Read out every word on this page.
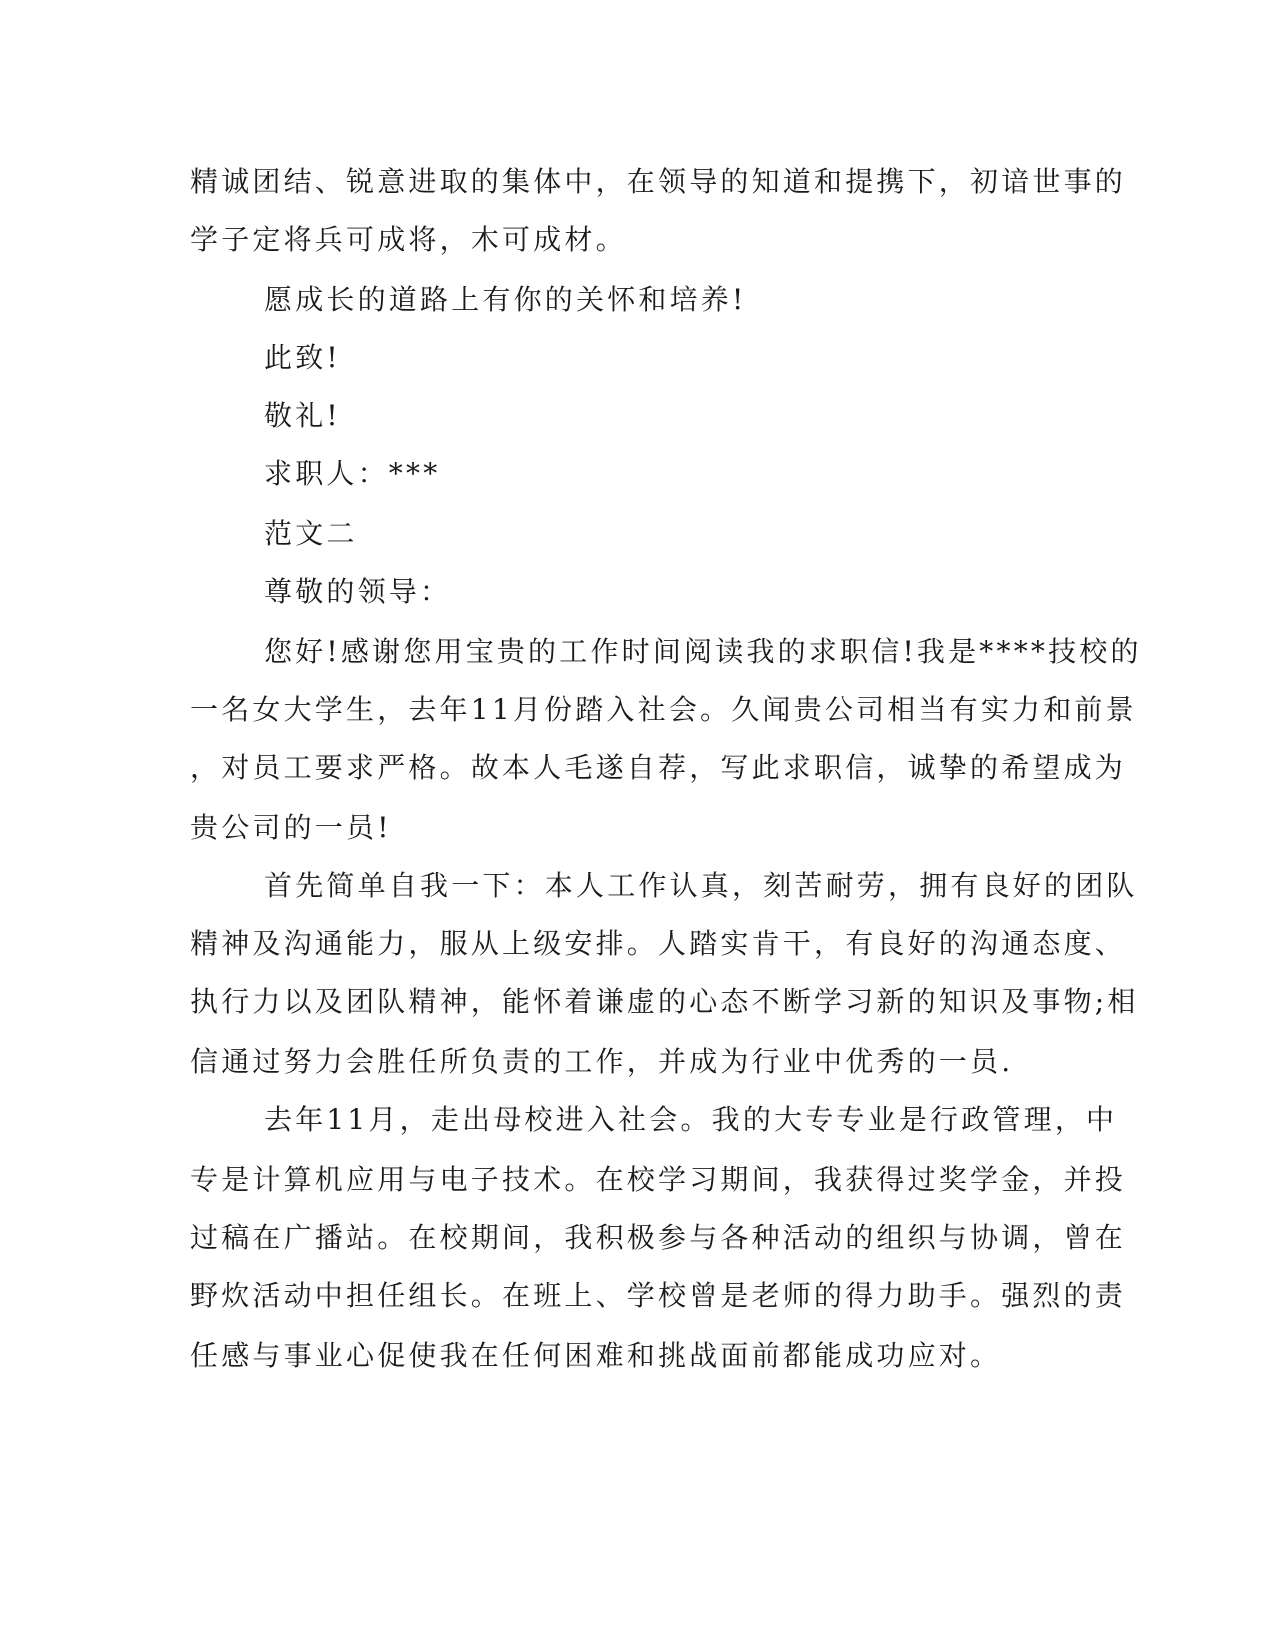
精诚团结、锐意进取的集体中，在领导的知道和提携下，初谙世事的
学子定将兵可成将，木可成材。
愿成长的道路上有你的关怀和培养!
此致!
敬礼!
求职人：***
范文二
尊敬的领导：
您好!感谢您用宝贵的工作时间阅读我的求职信!我是****技校的
一名女大学生，去年11月份踏入社会。久闻贵公司相当有实力和前景
，对员工要求严格。故本人毛遂自荐，写此求职信，诚挚的希望成为
贵公司的一员!
首先简单自我一下：本人工作认真，刻苦耐劳，拥有良好的团队
精神及沟通能力，服从上级安排。人踏实肯干，有良好的沟通态度、
执行力以及团队精神，能怀着谦虚的心态不断学习新的知识及事物;相
信通过努力会胜任所负责的工作，并成为行业中优秀的一员.
去年11月，走出母校进入社会。我的大专专业是行政管理，中
专是计算机应用与电子技术。在校学习期间，我获得过奖学金，并投
过稿在广播站。在校期间，我积极参与各种活动的组织与协调，曾在
野炊活动中担任组长。在班上、学校曾是老师的得力助手。强烈的责
任感与事业心促使我在任何困难和挑战面前都能成功应对。
